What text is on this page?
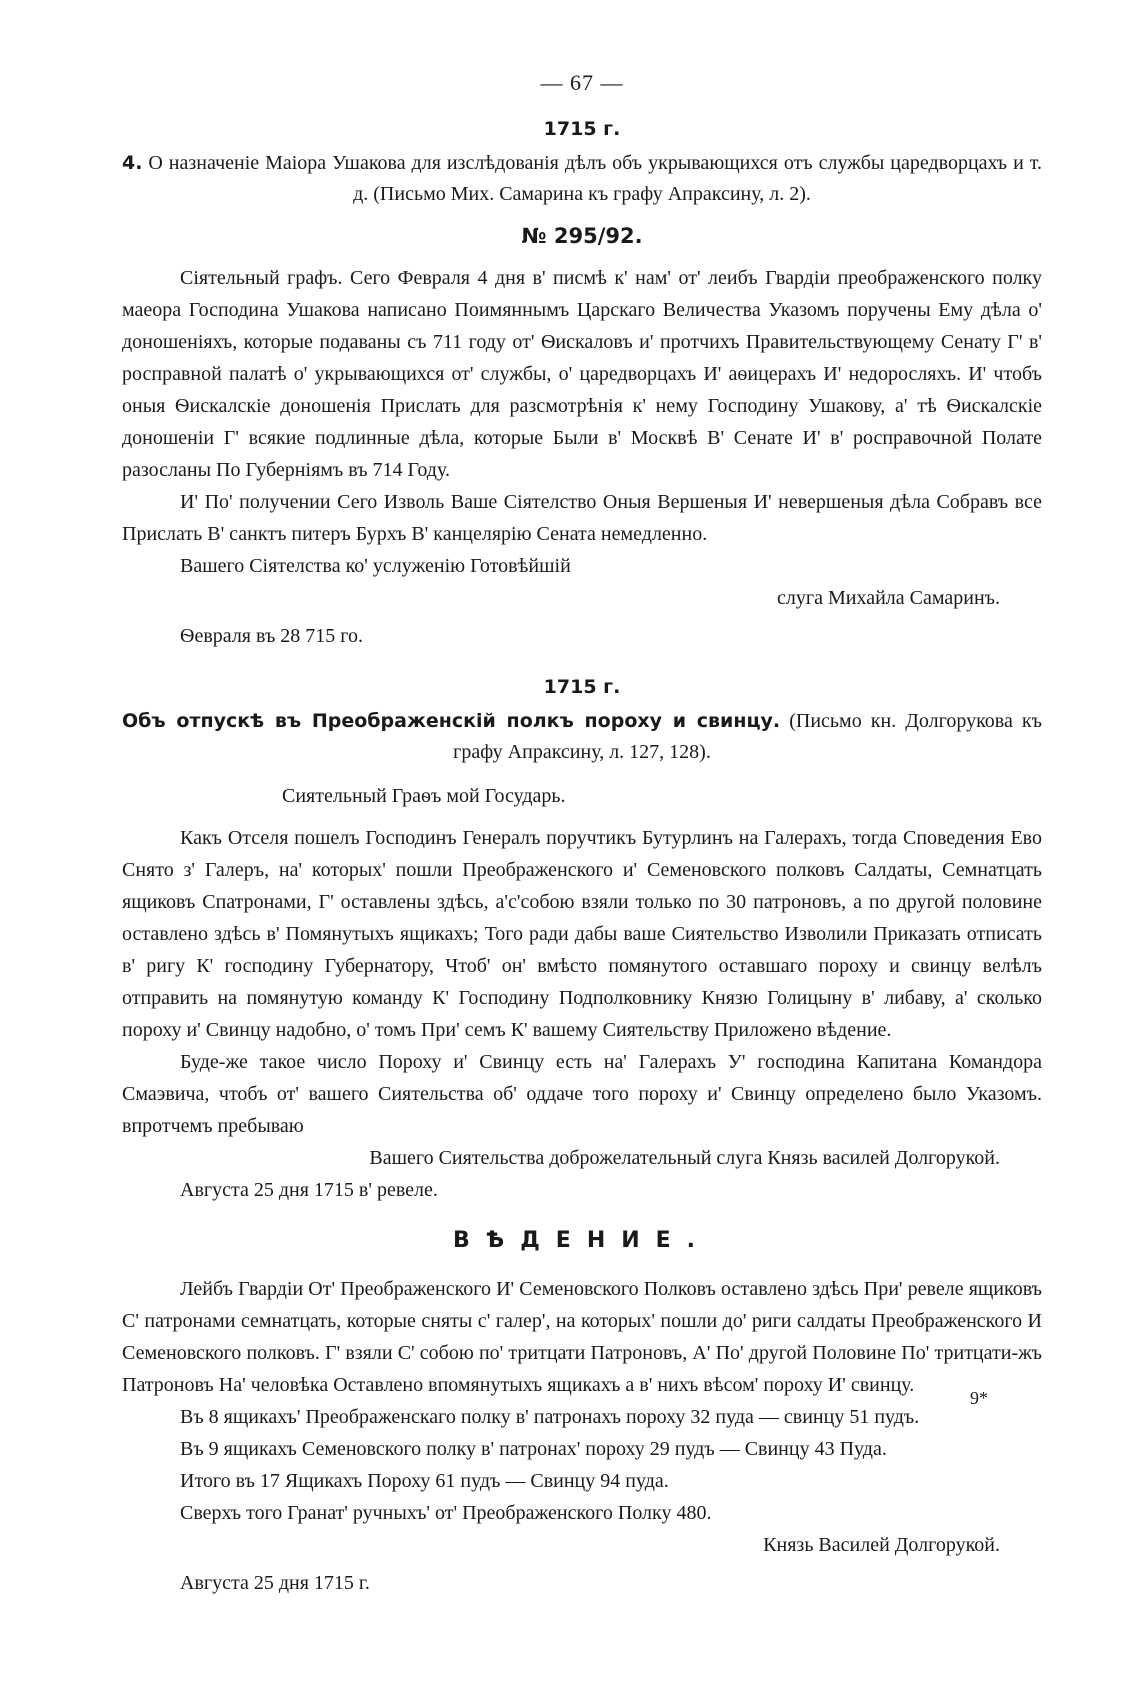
— 67 —
1715 г.

4. О назначенiе Маiора Ушакова для изслѣдованiя дѣлъ объ укрывающихся отъ службы царедворцахъ и т. д. (Письмо Мих. Самарина къ графу Апраксину, л. 2).

№ 295/92.

Сiятельный графъ. Сего Февраля 4 дня в' писмѣ к' нам' от' леибъ Гвардiи преображенского полку маеора Господина Ушакова написано Поимяннымъ Царскаго Величества Указомъ поручены Ему дѣла о' доношенiяхъ, которые подаваны съ 711 году от' Ѳискаловъ и' протчихъ Правительствующему Сенату Г' в' росправной палатѣ о' укрывающихся от' службы, о' царедворцахъ И' аѳицерахъ И' недоросляхъ. И' чтобъ оныя Ѳискалскiе доношенiя Прислать для разсмотрѣнiя к' нему Господину Ушакову, а' тѣ Ѳискалскiе доношенiи Г' всякие подлинные дѣла, которые Были в' Москвѣ В' Сенате И' в' росправочной Полате разосланы По Губернiямъ въ 714 Году.

И' По' получении Сего Изволь Ваше Сiятелство Оныя Вершеныя И' невершеныя дѣла Собравъ все Прислать В' санктъ питеръ Бурхъ В' канцелярiю Сената немедленно.

Вашего Сiятелства ко' услуженiю Готовѣйшiй
слуга Михайла Самаринъ.
Ѳевраля въ 28 715 го.
1715 г.

Объ отпускѣ въ Преображенскiй полкъ пороху и свинцу. (Письмо кн. Долгорукова къ графу Апраксину, л. 127, 128).

Сиятельный Граѳъ мой Государь.

Какъ Отселя пошелъ Господинъ Генералъ поручтикъ Бутурлинъ на Галерахъ, тогда Споведения Ево Снято з' Галеръ, на' которых' пошли Преображенского и' Семеновского полковъ Салдаты, Семнатцать ящиковъ Спатронами, Г' оставлены здѣсь, а'с'собою взяли только по 30 патроновъ, а по другой половине оставлено здѣсь в' Помянутыхъ ящикахъ; Того ради дабы ваше Сиятельство Изволили Приказать отписать в' ригу К' господину Губернатору, Чтоб' он' вмѣсто помянутого оставшаго пороху и свинцу велѣлъ отправить на помянутую команду К' Господину Подполковнику Князю Голицыну в' либаву, а' сколько пороху и' Свинцу надобно, о' томъ При' семъ К' вашему Сиятельству Приложено вѣдение.

Буде-же такое число Пороху и' Свинцу есть на' Галерахъ У' господина Капитана Командора Смаэвича, чтобъ от' вашего Сиятельства об' оддаче того пороху и' Свинцу определено было Указомъ. впротчемъ пребываю

Вашего Сиятельства доброжелательный слуга Князь василей Долгорукой.
Августа 25 дня 1715 в' ревеле.
ВѢДЕНИЕ.

Лейбъ Гвардiи От' Преображенского И' Семеновского Полковъ оставлено здѣсь При' ревеле ящиковъ С' патронами семнатцать, которые сняты с' галер', на которых' пошли до' риги салдаты Преображенского И Семеновского полковъ. Г' взяли С' собою по' тритцати Патроновъ, А' По' другой Половине По' тритцати-жъ Патроновъ На' человѣка Оставлено впомянутыхъ ящикахъ а в' нихъ вѣсом' пороху И' свинцу.

Въ 8 ящикахъ' Преображенскаго полку в' патронахъ пороху 32 пуда — свинцу 51 пудъ.
Въ 9 ящикахъ Семеновского полку в' патронах' пороху 29 пудъ — Свинцу 43 Пуда.
Итого въ 17 Ящикахъ Пороху 61 пудъ — Свинцу 94 пуда.
Сверхъ того Гранат' ручныхъ' от' Преображенского Полку 480.
Князь Василей Долгорукой.
Августа 25 дня 1715 г.
9*
